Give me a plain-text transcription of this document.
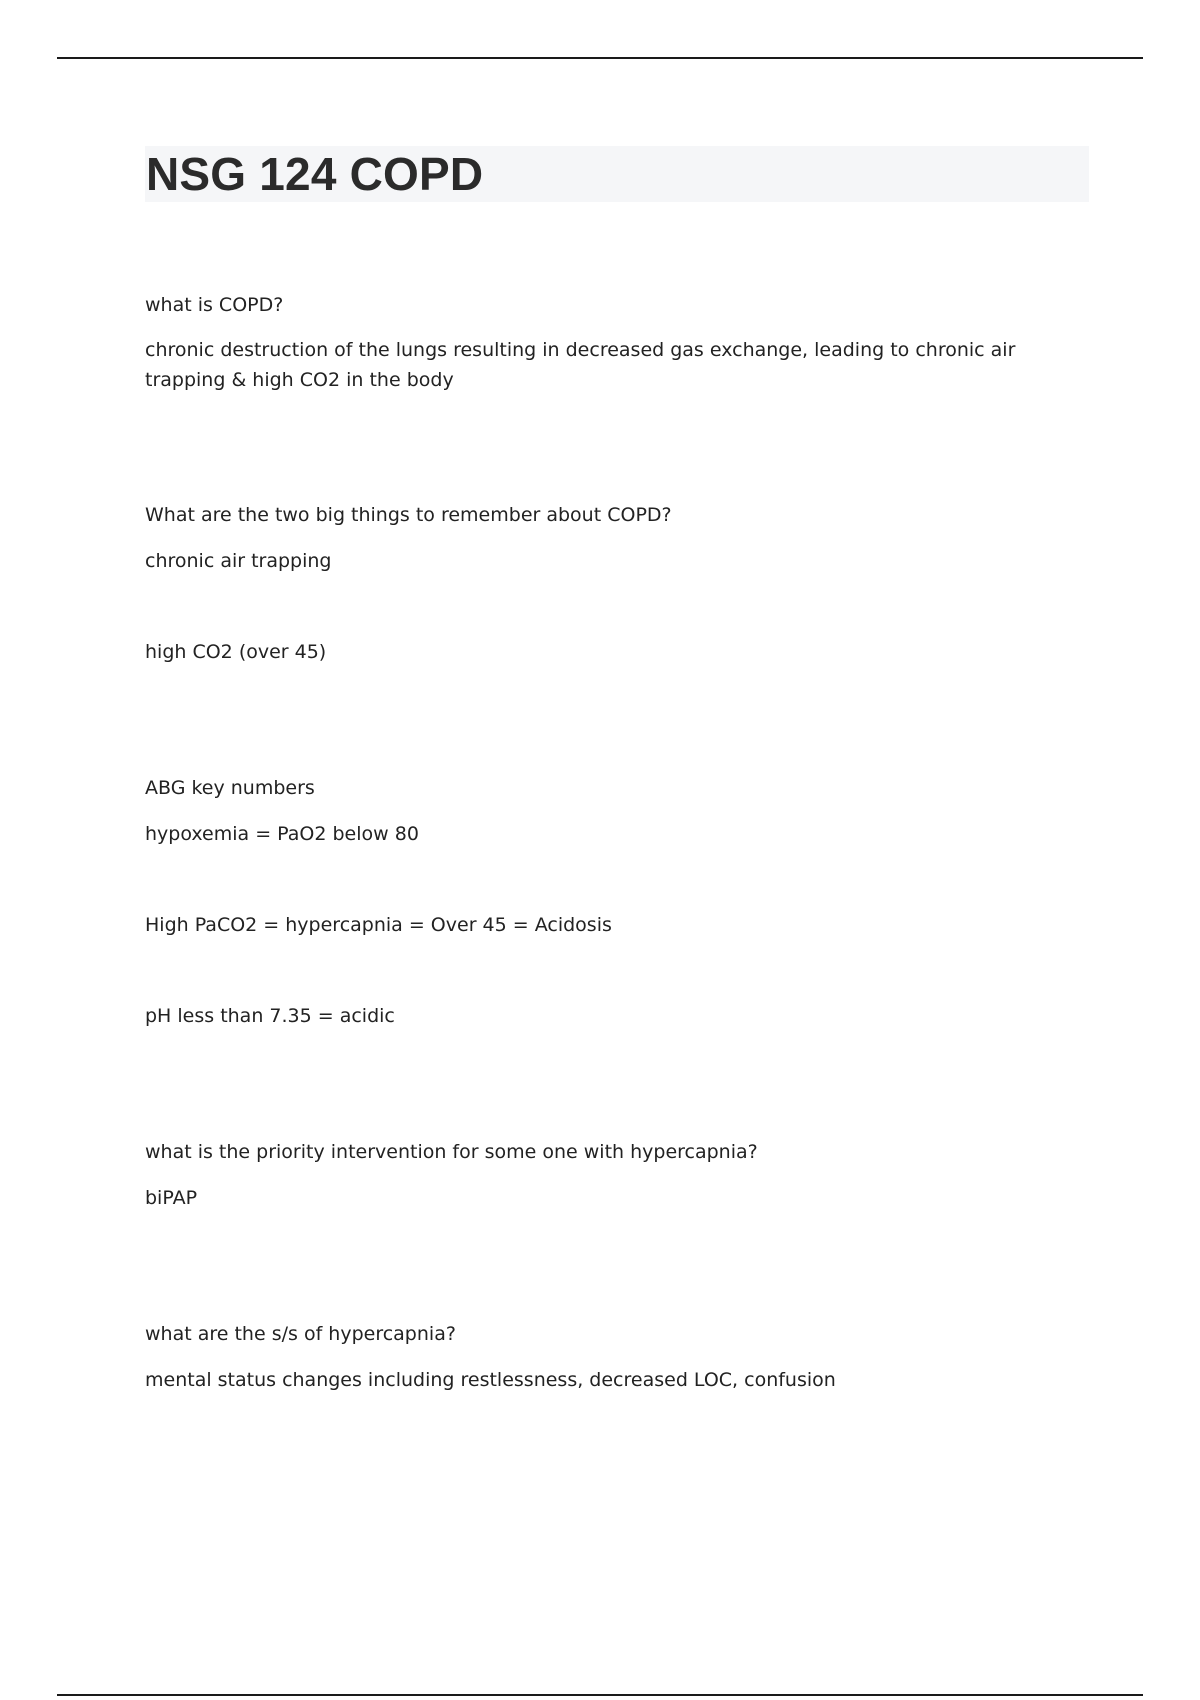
NSG 124 COPD

what is COPD?

chronic destruction of the lungs resulting in decreased gas exchange, leading to chronic air trapping & high CO2 in the body

What are the two big things to remember about COPD?

chronic air trapping

high CO2 (over 45)

ABG key numbers

hypoxemia = PaO2 below 80

High PaCO2 = hypercapnia = Over 45 = Acidosis

pH less than 7.35 = acidic

what is the priority intervention for some one with hypercapnia?

biPAP

what are the s/s of hypercapnia?

mental status changes including restlessness, decreased LOC, confusion
